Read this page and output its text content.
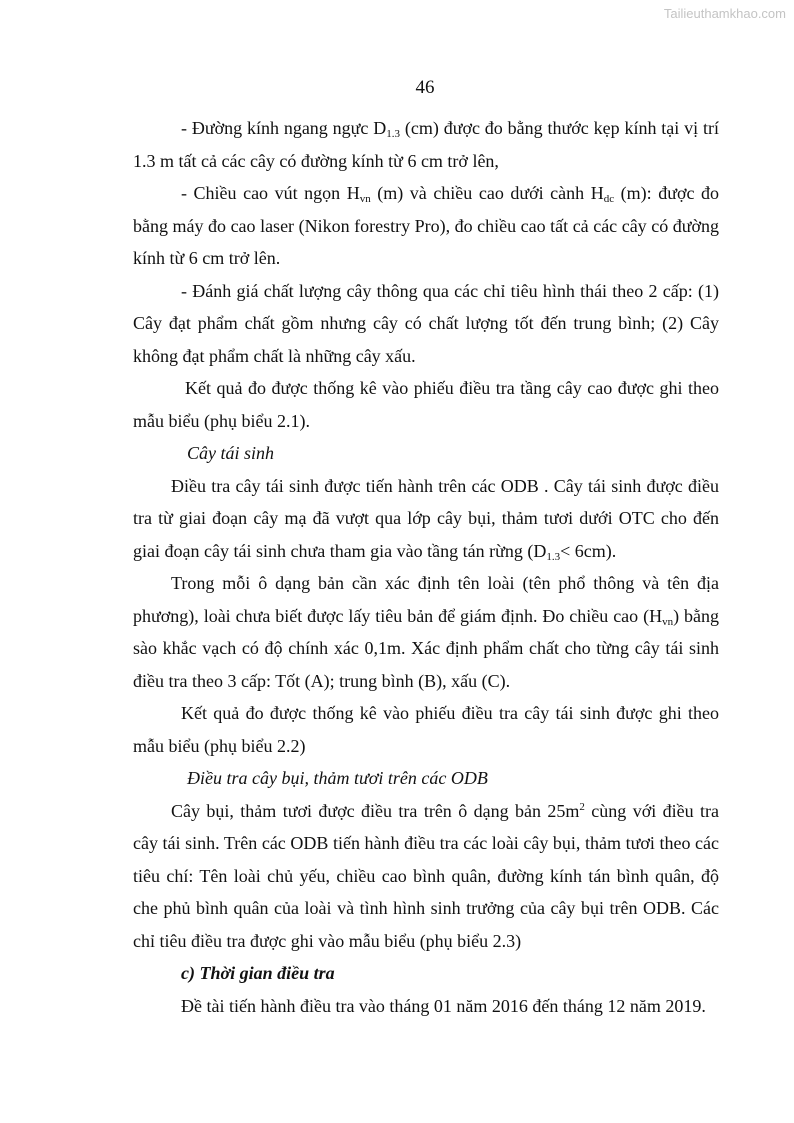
Tailieuthamkhao.com
46

- Đường kính ngang ngực $D_{1.3}$ (cm) được đo bằng thước kẹp kính tại vị trí 1.3 m tất cả các cây có đường kính từ 6 cm trở lên,

- Chiều cao vút ngọn $H_{vn}$ (m) và chiều cao dưới cành $H_{dc}$ (m): được đo bằng máy đo cao laser (Nikon forestry Pro), đo chiều cao tất cả các cây có đường kính từ 6 cm trở lên.

- Đánh giá chất lượng cây thông qua các chỉ tiêu hình thái theo 2 cấp: (1) Cây đạt phẩm chất gồm nhưng cây có chất lượng tốt đến trung bình; (2) Cây không đạt phẩm chất là những cây xấu.

Kết quả đo được thống kê vào phiếu điều tra tầng cây cao được ghi theo mẫu biểu (phụ biểu 2.1).

Cây tái sinh

Điều tra cây tái sinh được tiến hành trên các ODB . Cây tái sinh được điều tra từ giai đoạn cây mạ đã vượt qua lớp cây bụi, thảm tươi dưới OTC cho đến giai đoạn cây tái sinh chưa tham gia vào tầng tán rừng $(D_{1.3}< 6cm)$.

Trong mỗi ô dạng bản cần xác định tên loài (tên phổ thông và tên địa phương), loài chưa biết được lấy tiêu bản để giám định. Đo chiều cao $(H_{vn})$ bằng sào khắc vạch có độ chính xác 0,1m. Xác định phẩm chất cho từng cây tái sinh điều tra theo 3 cấp: Tốt (A); trung bình (B), xấu (C).

Kết quả đo được thống kê vào phiếu điều tra cây tái sinh được ghi theo mẫu biểu (phụ biểu 2.2)

Điều tra cây bụi, thảm tươi trên các ODB

Cây bụi, thảm tươi được điều tra trên ô dạng bản $25m^2$ cùng với điều tra cây tái sinh. Trên các ODB tiến hành điều tra các loài cây bụi, thảm tươi theo các tiêu chí: Tên loài chủ yếu, chiều cao bình quân, đường kính tán bình quân, độ che phủ bình quân của loài và tình hình sinh trưởng của cây bụi trên ODB. Các chỉ tiêu điều tra được ghi vào mẫu biểu (phụ biểu 2.3)

c) Thời gian điều tra

Đề tài tiến hành điều tra vào tháng 01 năm 2016 đến tháng 12 năm 2019.
